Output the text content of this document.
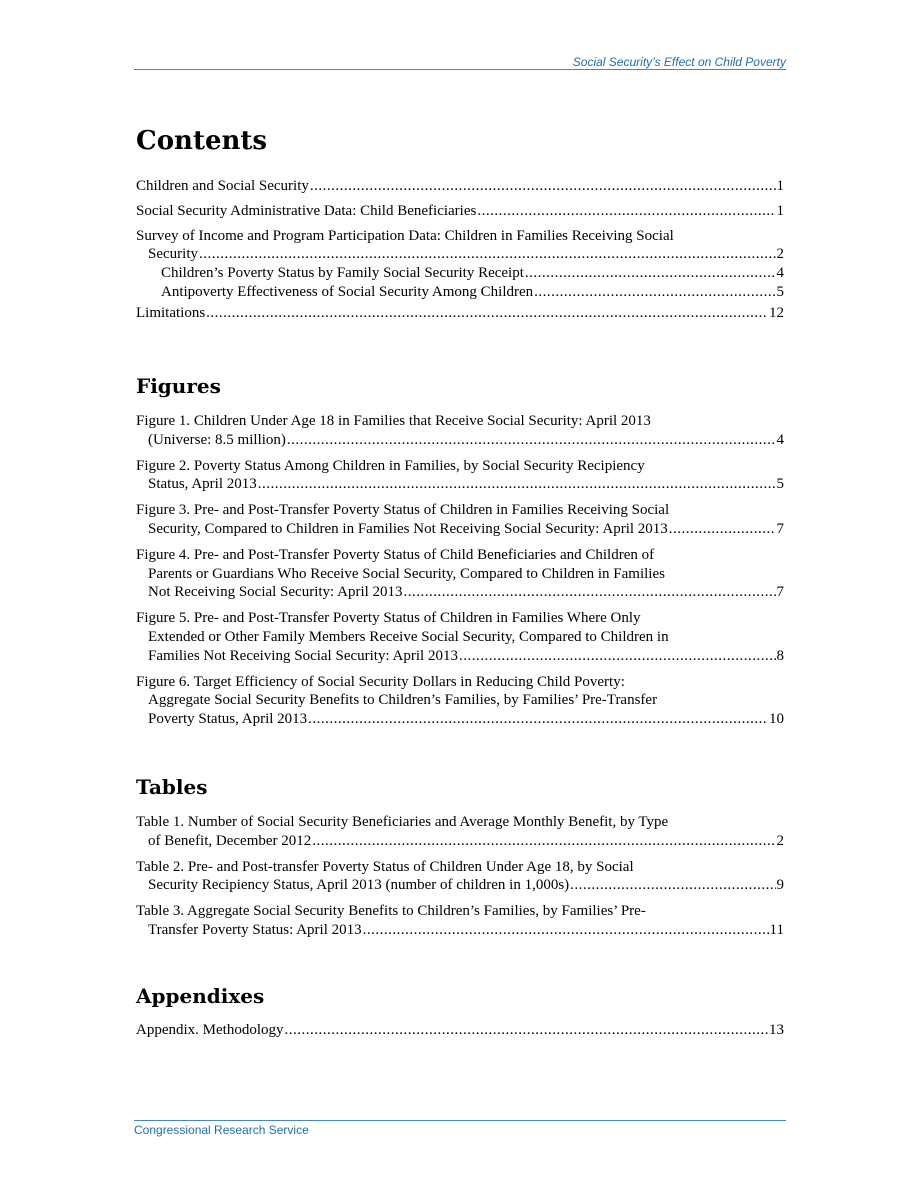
Social Security’s Effect on Child Poverty
Contents
Children and Social Security .....	1
Social Security Administrative Data: Child Beneficiaries .....	1
Survey of Income and Program Participation Data: Children in Families Receiving Social
Security .....	2
Children’s Poverty Status by Family Social Security Receipt .....	4
Antipoverty Effectiveness of Social Security Among Children .....	5
Limitations .....	12
Figures
Figure 1. Children Under Age 18 in Families that Receive Social Security: April 2013
(Universe: 8.5 million) .....	4
Figure 2. Poverty Status Among Children in Families, by Social Security Recipiency
Status, April 2013 .....	5
Figure 3. Pre- and Post-Transfer Poverty Status of Children in Families Receiving Social
Security, Compared to Children in Families Not Receiving Social Security: April 2013 .....	7
Figure 4. Pre- and Post-Transfer Poverty Status of Child Beneficiaries and Children of
Parents or Guardians Who Receive Social Security, Compared to Children in Families
Not Receiving Social Security: April 2013 .....	7
Figure 5. Pre- and Post-Transfer Poverty Status of Children in Families Where Only
Extended or Other Family Members Receive Social Security, Compared to Children in
Families Not Receiving Social Security: April 2013 .....	8
Figure 6. Target Efficiency of Social Security Dollars in Reducing Child Poverty:
Aggregate Social Security Benefits to Children’s Families, by Families’ Pre-Transfer
Poverty Status, April 2013 .....	10
Tables
Table 1. Number of Social Security Beneficiaries and Average Monthly Benefit, by Type
of Benefit, December 2012 .....	2
Table 2. Pre- and Post-transfer Poverty Status of Children Under Age 18, by Social
Security Recipiency Status, April 2013 (number of children in 1,000s) .....	9
Table 3. Aggregate Social Security Benefits to Children’s Families, by Families’ Pre-
Transfer Poverty Status: April 2013 .....	11
Appendixes
Appendix. Methodology .....	13
Congressional Research Service
